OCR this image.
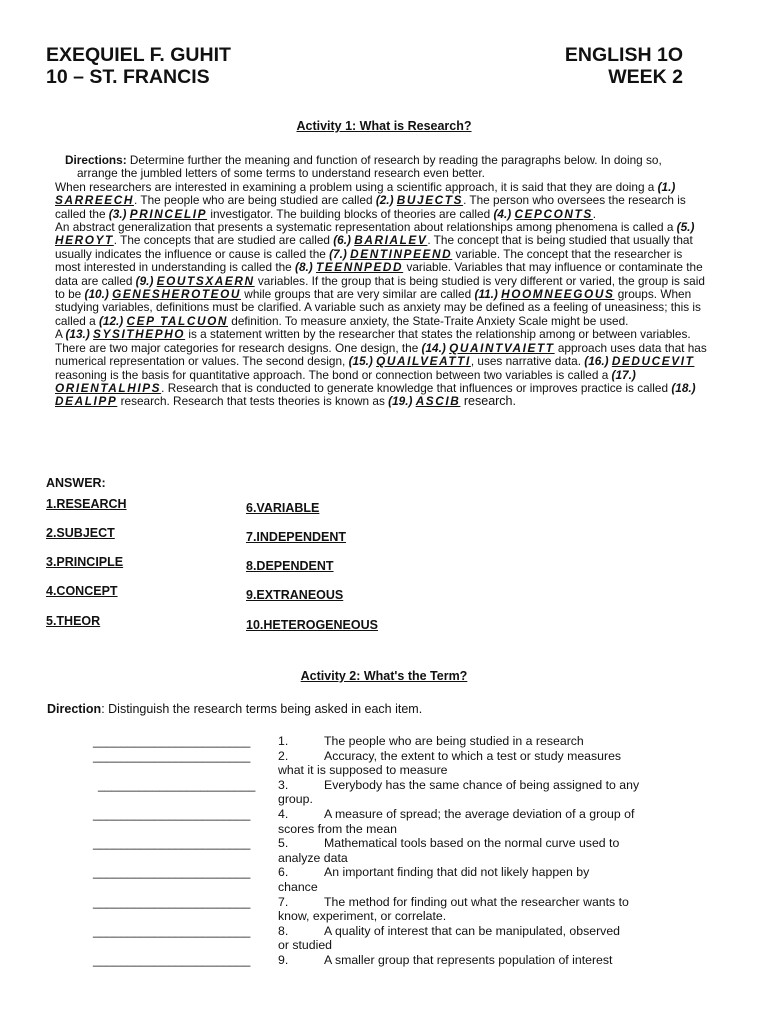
EXEQUIEL F. GUHIT	ENGLISH 1O
10 – ST. FRANCIS	WEEK 2
Activity 1: What is Research?

Directions: Determine further the meaning and function of research by reading the paragraphs below. In doing so,

arrange the jumbled letters of some terms to understand research even better.

When researchers are interested in examining a problem using a scientific approach, it is said that they are doing a (1.) SARREECH. The people who are being studied are called (2.) BUJECTS. The person who oversees the research is called the (3.) PRINCELIP investigator. The building blocks of theories are called (4.) CEPCONTS.

An abstract generalization that presents a systematic representation about relationships among phenomena is called a (5.) HEROYT. The concepts that are studied are called (6.) BARIALEV. The concept that is being studied that usually that usually indicates the influence or cause is called the (7.) DENTINPEEND variable. The concept that the researcher is most interested in understanding is called the (8.) TEENNPEDD variable. Variables that may influence or contaminate the data are called (9.) EOUTSXAERN variables. If the group that is being studied is very different or varied, the group is said to be (10.) GENESHEROTEOU while groups that are very similar are called (11.) HOOMNEEGOUS groups. When studying variables, definitions must be clarified. A variable such as anxiety may be defined as a feeling of uneasiness; this is called a (12.) CEP TALCUON definition. To measure anxiety, the State-Traite Anxiety Scale might be used.

A (13.) SYSITHEPHO is a statement written by the researcher that states the relationship among or between variables. There are two major categories for research designs. One design, the (14.) QUAINTVAIETT approach uses data that has numerical representation or values. The second design, (15.) QUAILVEATTI, uses narrative data. (16.) DEDUCEVIT reasoning is the basis for quantitative approach. The bond or connection between two variables is called a (17.) ORIENTALHIPS. Research that is conducted to generate knowledge that influences or improves practice is called (18.) DEALIPP research. Research that tests theories is known as (19.) ASCIB research.

ANSWER:
1.RESEARCH
2.SUBJECT
3.PRINCIPLE
4.CONCEPT
5.THEOR
6.VARIABLE
7.INDEPENDENT
8.DEPENDENT
9.EXTRANEOUS
10.HETEROGENEOUS
Activity 2: What's the Term?
Direction: Distinguish the research terms being asked in each item.
_______________________ 1.	The people who are being studied in a research
_______________________ 2.	Accuracy, the extent to which a test or study measures
what it is supposed to measure
_______________________ 3.	Everybody has the same chance of being assigned to any
group.
_______________________ 4.	A measure of spread; the average deviation of a group of
scores from the mean
_______________________ 5.	Mathematical tools based on the normal curve used to
analyze data
_______________________ 6.	An important finding that did not likely happen by
chance
_______________________ 7.	The method for finding out what the researcher wants to
know, experiment, or correlate.
_______________________ 8.	A quality of interest that can be manipulated, observed
or studied
_______________________ 9.	A smaller group that represents population of interest
